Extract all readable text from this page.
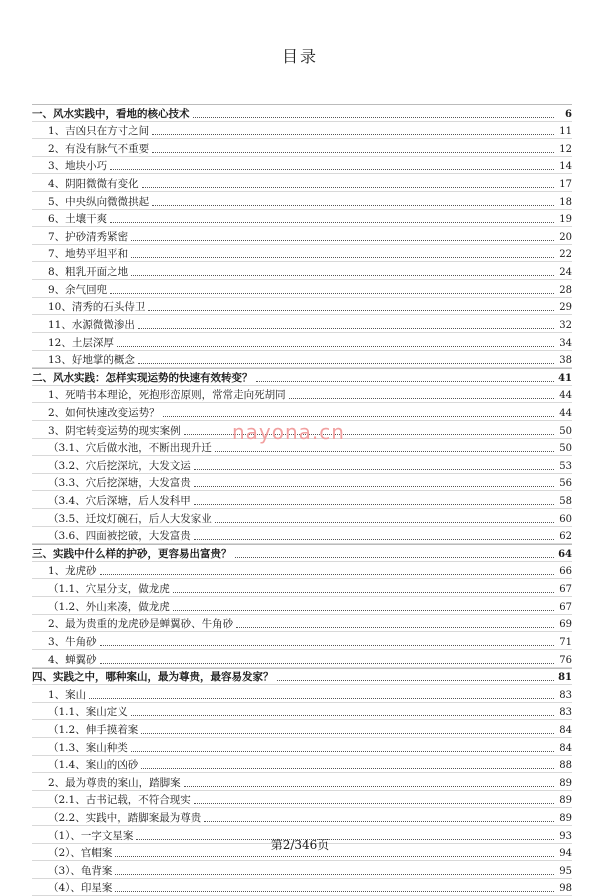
目录
一、风水实践中，看地的核心技术	6
1、吉凶只在方寸之间	11
2、有没有脉气不重要	12
3、地块小巧	14
4、阴阳微微有变化	17
5、中央纵向微微拱起	18
6、土壤干爽	19
7、护砂清秀紧密	20
7、地势平坦平和	22
8、粗乳开面之地	24
9、余气回兜	28
10、清秀的石头侍卫	29
11、水源微微渗出	32
12、土层深厚	34
13、好地掌的概念	38
二、风水实践：怎样实现运势的快速有效转变？	41
1、死啃书本理论，死抱形峦原则，常常走向死胡同	44
2、如何快速改变运势？	44
3、阴宅转变运势的现实案例	50
（3.1、穴后做水池，不断出现升迁	50
（3.2、穴后挖深坑，大发文运	53
（3.3、穴后挖深塘，大发富贵	56
（3.4、穴后深塘，后人发科甲	58
（3.5、迁坟灯碗石，后人大发家业	60
（3.6、四面被挖破，大发富贵	62
三、实践中什么样的护砂，更容易出富贵？	64
1、龙虎砂	66
（1.1、穴星分支，做龙虎	67
（1.2、外山来凑，做龙虎	67
2、最为贵重的龙虎砂是蝉翼砂、牛角砂	69
3、牛角砂	71
4、蝉翼砂	76
四、实践之中，哪种案山，最为尊贵，最容易发家？	81
1、案山	83
（1.1、案山定义	83
（1.2、伸手摸着案	84
（1.3、案山种类	84
（1.4、案山的凶砂	88
2、最为尊贵的案山，踏脚案	89
（2.1、古书记载，不符合现实	89
（2.2、实践中，踏脚案最为尊贵	89
（1）、一字文星案	93
（2）、官帽案	94
（3）、龟背案	95
（4）、印星案	98
nayona.cn
第2/346页
